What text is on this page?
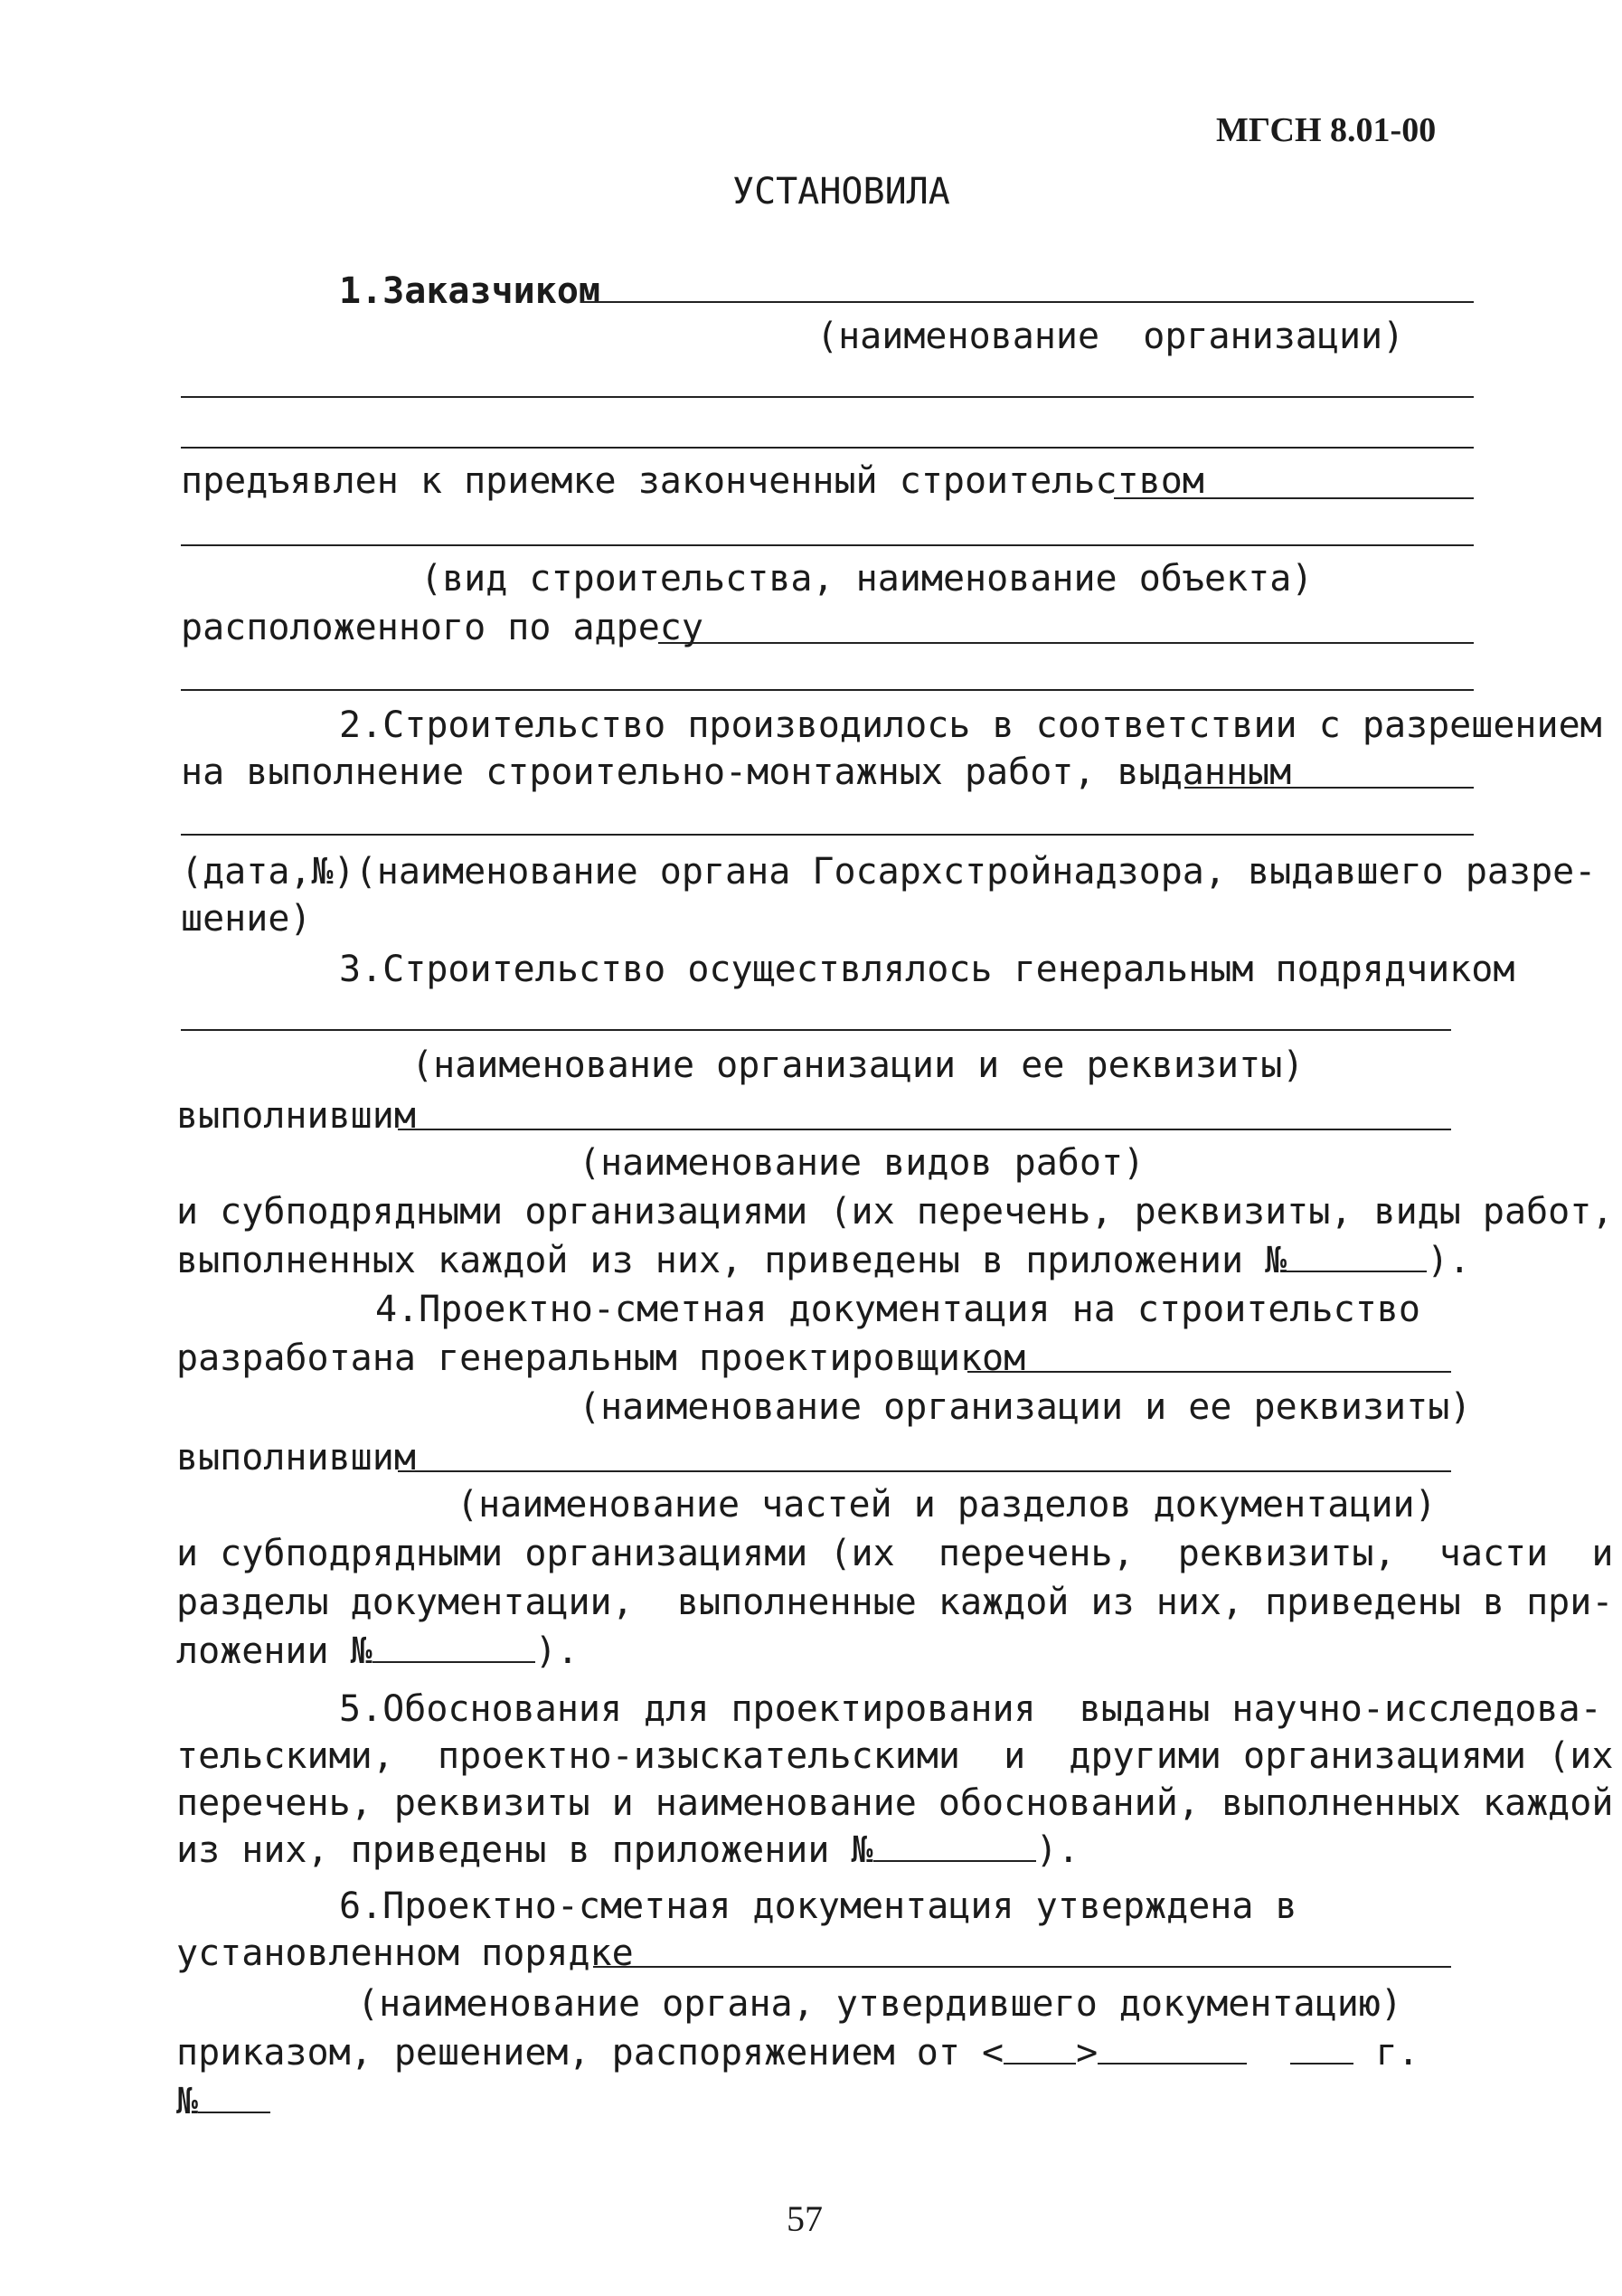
МГСН 8.01-00
УСТАНОВИЛА
1.Заказчиком
(наименование  организации)
предъявлен к приемке законченный строительством
(вид строительства, наименование объекта)
расположенного по адресу
2.Строительство производилось в соответствии с разрешением
на выполнение строительно-монтажных работ, выданным
(дата,№)(наименование органа Госархстройнадзора, выдавшего разре-
шение)
3.Строительство осуществлялось генеральным подрядчиком
(наименование организации и ее реквизиты)
выполнившим
(наименование видов работ)
и субподрядными организациями (их перечень, реквизиты, виды работ,
выполненных каждой из них, приведены в приложении №	).
4.Проектно-сметная документация на строительство
разработана генеральным проектировщиком
(наименование организации и ее реквизиты)
выполнившим
(наименование частей и разделов документации)
и субподрядными организациями (их  перечень,  реквизиты,  части  и
разделы документации,  выполненные каждой из них, приведены в при-
ложении №	).
5.Обоснования для проектирования  выданы научно-исследова-
тельскими,  проектно-изыскательскими  и  другими организациями (их
перечень, реквизиты и наименование обоснований, выполненных каждой
из них, приведены в приложении №	).
6.Проектно-сметная документация утверждена в
установленном порядке
(наименование органа, утвердившего документацию)
приказом, решением, распоряжением от < >	г.
№
57
